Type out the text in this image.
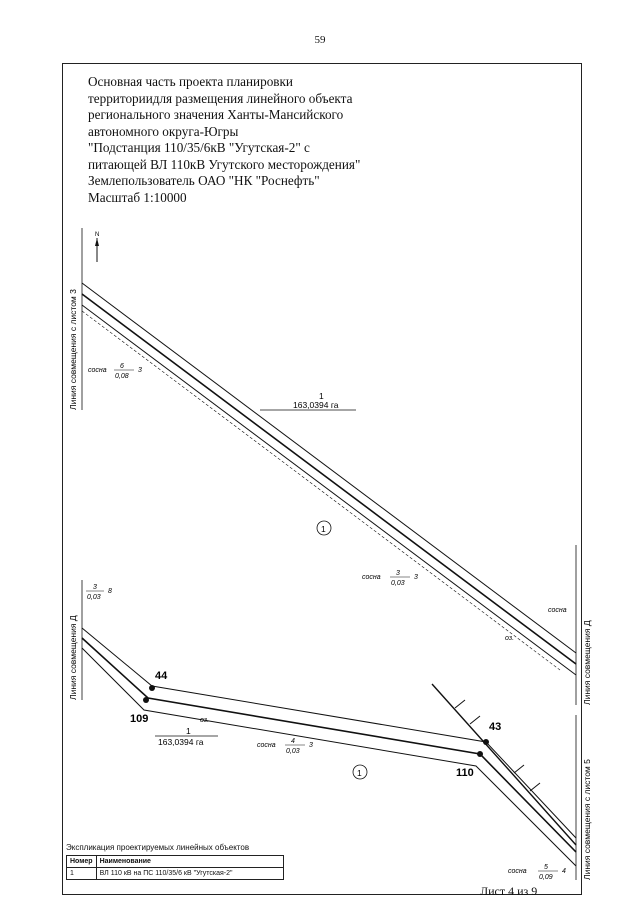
59
Основная часть проекта планировки
территориидля размещения линейного объекта
регионального значения Ханты-Мансийского
автономного округа-Югры
"Подстанция 110/35/6кВ "Угутская-2" с
питающей ВЛ 110кВ Угутского месторождения"
Землепользователь ОАО "НК "Роснефть"
Масштаб 1:10000
N
Линия совмещения с листом 3
Линия совмещения Д	Линия совмещения Д
Линия совмещения с листом 5
44
109
43
110
1
163,0394 га
1
163,0394 га
1
1
сосна
6
0,08
3
сосна
3
0,03
3
3
0,03
8
сосна
4
0,03
3
сосна
5
0,09
4
сосна
оз.
оз.
Экспликация проектируемых линейных объектов
Номер	Наименование
1	ВЛ 110 кВ на ПС 110/35/6 кВ "Угутская-2"
Лист 4 из 9
